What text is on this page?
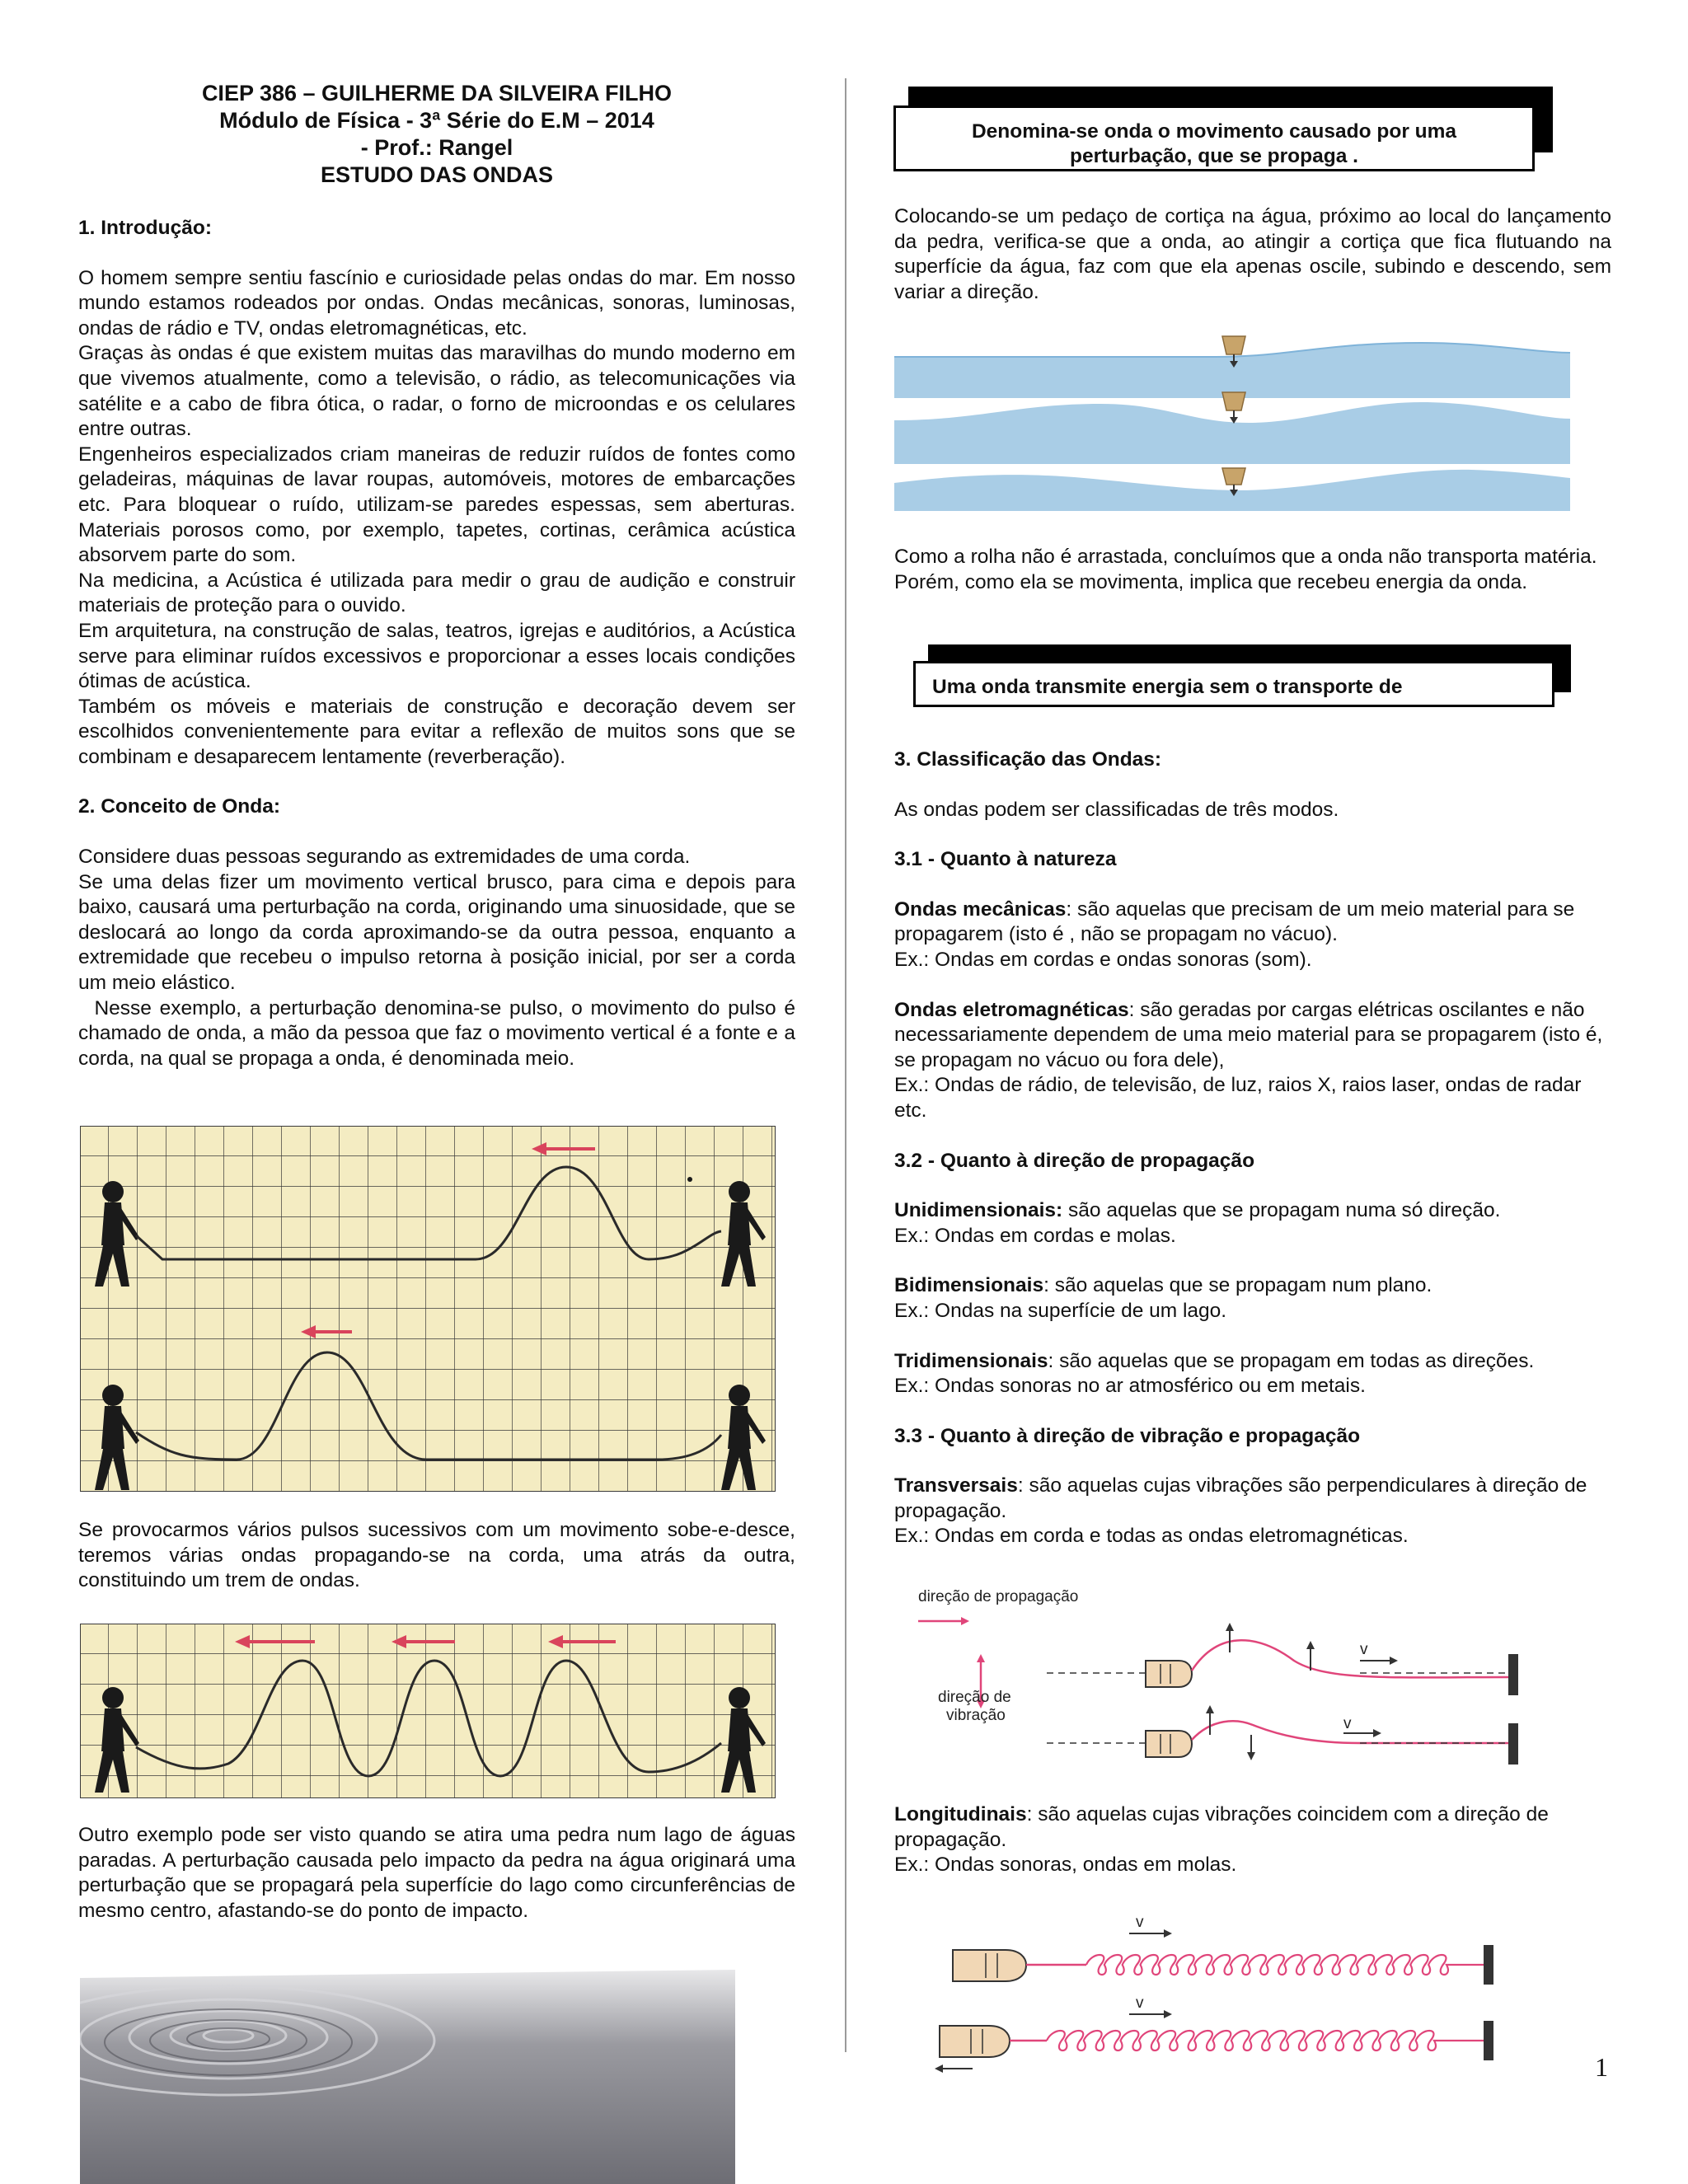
CIEP 386 – GUILHERME DA SILVEIRA FILHO
Módulo de Física - 3ª Série do E.M – 2014
- Prof.: Rangel
ESTUDO DAS ONDAS

1. Introdução:

O homem sempre sentiu fascínio e curiosidade pelas ondas do mar. Em nosso mundo estamos rodeados por ondas. Ondas mecânicas, sonoras, luminosas, ondas de rádio e TV, ondas eletromagnéticas, etc.

Graças às ondas é que existem muitas das maravilhas do mundo moderno em que vivemos atualmente, como a televisão, o rádio, as telecomunicações via satélite e a cabo de fibra ótica, o radar, o forno de microondas e os celulares entre outras.

Engenheiros especializados criam maneiras de reduzir ruídos de fontes como geladeiras, máquinas de lavar roupas, automóveis, motores de embarcações etc. Para bloquear o ruído, utilizam-se paredes espessas, sem aberturas. Materiais porosos como, por exemplo, tapetes, cortinas, cerâmica acústica absorvem parte do som.

Na medicina, a Acústica é utilizada para medir o grau de audição e construir materiais de proteção para o ouvido.

Em arquitetura, na construção de salas, teatros, igrejas e auditórios, a Acústica serve para eliminar ruídos excessivos e proporcionar a esses locais condições ótimas de acústica.

Também os móveis e materiais de construção e decoração devem ser escolhidos convenientemente para evitar a reflexão de muitos sons que se combinam e desaparecem lentamente (reverberação).

2. Conceito de Onda:

Considere duas pessoas segurando as extremidades de uma corda.

Se uma delas fizer um movimento vertical brusco, para cima e depois para baixo, causará uma perturbação na corda, originando uma sinuosidade, que se deslocará ao longo da corda aproximando-se da outra pessoa, enquanto a extremidade que recebeu o impulso retorna à posição inicial, por ser a corda um meio elástico.

Nesse exemplo, a perturbação denomina-se pulso, o movimento do pulso é chamado de onda, a mão da pessoa que faz o movimento vertical é a fonte e a corda, na qual se propaga a onda, é denominada meio.

Se provocarmos vários pulsos sucessivos com um movimento sobe-e-desce, teremos várias ondas propagando-se na corda, uma atrás da outra, constituindo um trem de ondas.

Outro exemplo pode ser visto quando se atira uma pedra num lago de águas paradas. A perturbação causada pelo impacto da pedra na água originará uma perturbação que se propagará pela superfície do lago como circunferências de mesmo centro, afastando-se do ponto de impacto.

Denomina-se onda o movimento causado por uma perturbação, que se propaga .

Colocando-se um pedaço de cortiça na água, próximo ao local do lançamento da pedra, verifica-se que a onda, ao atingir a cortiça que fica flutuando na superfície da água, faz com que ela apenas oscile, subindo e descendo, sem variar a direção.

Como a rolha não é arrastada, concluímos que a onda não transporta matéria. Porém, como ela se movimenta, implica que recebeu energia da onda.

Uma onda transmite energia sem o transporte de

3. Classificação das Ondas:

As ondas podem ser classificadas de três modos.

3.1 - Quanto à natureza

Ondas mecânicas: são aquelas que precisam de um meio material para se propagarem (isto é , não se propagam no vácuo).

Ex.: Ondas em cordas e ondas sonoras (som).

Ondas eletromagnéticas: são geradas por cargas elétricas oscilantes e não necessariamente dependem de uma meio material para se propagarem (isto é, se propagam no vácuo ou fora dele),

Ex.: Ondas de rádio, de televisão, de luz, raios X, raios laser, ondas de radar etc.

3.2 - Quanto à direção de propagação

Unidimensionais: são aquelas que se propagam numa só direção.

Ex.: Ondas em cordas e molas.

Bidimensionais: são aquelas que se propagam num plano.

Ex.: Ondas na superfície de um lago.

Tridimensionais: são aquelas que se propagam em todas as direções.

Ex.: Ondas sonoras no ar atmosférico ou em metais.

3.3 - Quanto à direção de vibração e propagação

Transversais: são aquelas cujas vibrações são perpendiculares à direção de propagação.

Ex.: Ondas em corda e todas as ondas eletromagnéticas.

direção de propagação
direção de
vibração
v
v

Longitudinais: são aquelas cujas vibrações coincidem com a direção de propagação.

Ex.: Ondas sonoras, ondas em molas.

v
v
1
